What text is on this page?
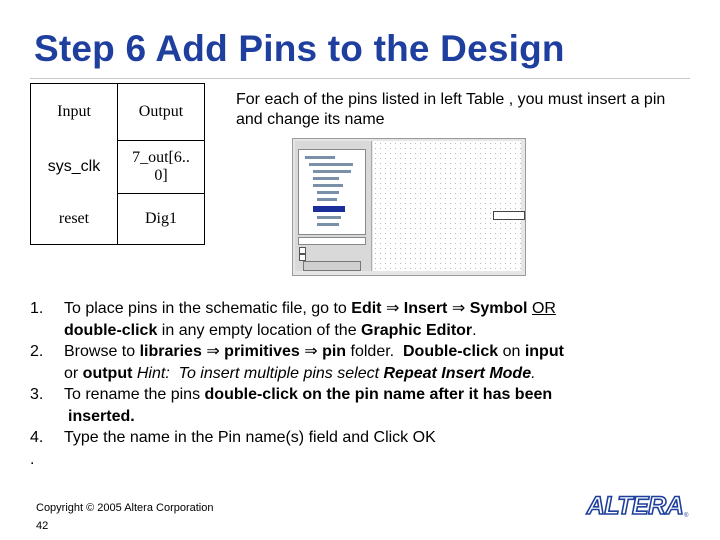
Step 6 Add Pins to the Design
Input	Output
sys_clk	7_out[6..
0]
reset	Dig1
For each of the pins listed in left Table , you must insert a pin and change its name
1.	To place pins in the schematic file, go to Edit ⇒ Insert ⇒ Symbol OR
double-click in any empty location of the Graphic Editor.
2.	Browse to libraries ⇒ primitives ⇒ pin folder.  Double-click on input
or output Hint:  To insert multiple pins select Repeat Insert Mode.
3.	To rename the pins double-click on the pin name after it has been
inserted.
4.	Type the name in the Pin name(s) field and Click OK
.
Copyright © 2005 Altera Corporation
42
ALTERA ®
